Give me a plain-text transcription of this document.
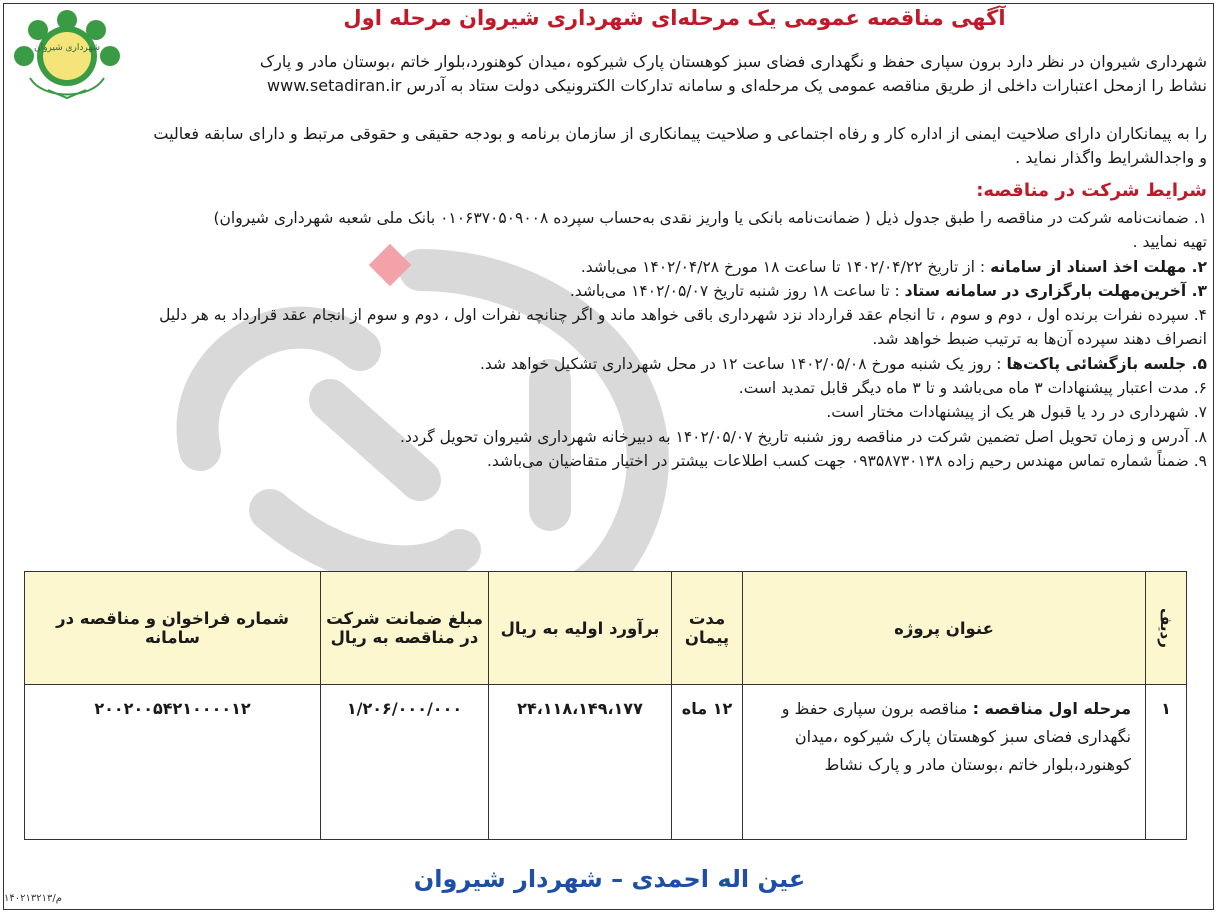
شهرداری شیروان
آگهی مناقصه عمومی یک مرحله‌ای شهرداری شیروان مرحله اول

شهرداری شیروان در نظر دارد برون سپاری حفظ و نگهداری فضای سبز کوهستان پارک شیرکوه ،میدان کوهنورد،بلوار خاتم ،بوستان مادر و پارک

نشاط را ازمحل اعتبارات داخلی از طریق مناقصه عمومی یک مرحله‌ای و سامانه تدارکات الکترونیکی دولت ستاد به آدرس www.setadiran.ir

را به پیمانکاران دارای صلاحیت ایمنی از اداره کار و رفاه اجتماعی و صلاحیت پیمانکاری از سازمان برنامه و بودجه حقیقی و حقوقی مرتبط و دارای سابقه فعالیت

و واجدالشرایط واگذار نماید .

شرایط شرکت در مناقصه:

۱. ضمانت‌نامه شرکت در مناقصه را طبق جدول ذیل ( ضمانت‌نامه بانکی یا واریز نقدی به‌حساب سپرده ۰۱۰۶۳۷۰۵۰۹۰۰۸ بانک ملی شعبه شهرداری شیروان)

تهیه نمایید .

۲. مهلت اخذ اسناد از سامانه : از تاریخ ۱۴۰۲/۰۴/۲۲ تا ساعت ۱۸ مورخ ۱۴۰۲/۰۴/۲۸ می‌باشد.

۳. آخرین‌مهلت بارگزاری در سامانه ستاد : تا ساعت ۱۸ روز شنبه تاریخ ۱۴۰۲/۰۵/۰۷ می‌باشد.

۴. سپرده نفرات برنده اول ، دوم و سوم ، تا انجام عقد قرارداد نزد شهرداری باقی خواهد ماند و اگر چنانچه نفرات اول ، دوم و سوم از انجام عقد قرارداد به هر دلیل

انصراف دهند سپرده آن‌ها به ترتیب ضبط خواهد شد.

۵. جلسه بازگشائی پاکت‌ها : روز یک شنبه مورخ ۱۴۰۲/۰۵/۰۸ ساعت ۱۲ در محل شهرداری تشکیل خواهد شد.

۶. مدت اعتبار پیشنهادات ۳ ماه می‌باشد و تا ۳ ماه دیگر قابل تمدید است.

۷. شهرداری در رد یا قبول هر یک از پیشنهادات مختار است.

۸. آدرس و زمان تحویل اصل تضمین شرکت در مناقصه روز شنبه تاریخ ۱۴۰۲/۰۵/۰۷ به دبیرخانه شهرداری شیروان تحویل گردد.

۹. ضمناً شماره تماس مهندس رحیم زاده ۰۹۳۵۸۷۳۰۱۳۸ جهت کسب اطلاعات بیشتر در اختیار متقاضیان می‌باشد.

ردیف	عنوان پروژه	مدت پیمان	برآورد اولیه به ریال	مبلغ ضمانت شرکت در مناقصه به ریال	شماره فراخوان و مناقصه در سامانه
۱	مرحله اول مناقصه : مناقصه برون سپاری حفظ و نگهداری فضای سبز کوهستان پارک شیرکوه ،میدان کوهنورد،بلوار خاتم ،بوستان مادر و پارک نشاط	۱۲ ماه	۲۴،۱۱۸،۱۴۹،۱۷۷	۱/۲۰۶/۰۰۰/۰۰۰	۲۰۰۲۰۰۵۴۲۱۰۰۰۰۱۲
عین اله احمدی – شهردار شیروان
۱۴۰۲۱۳۲۱۳/م
